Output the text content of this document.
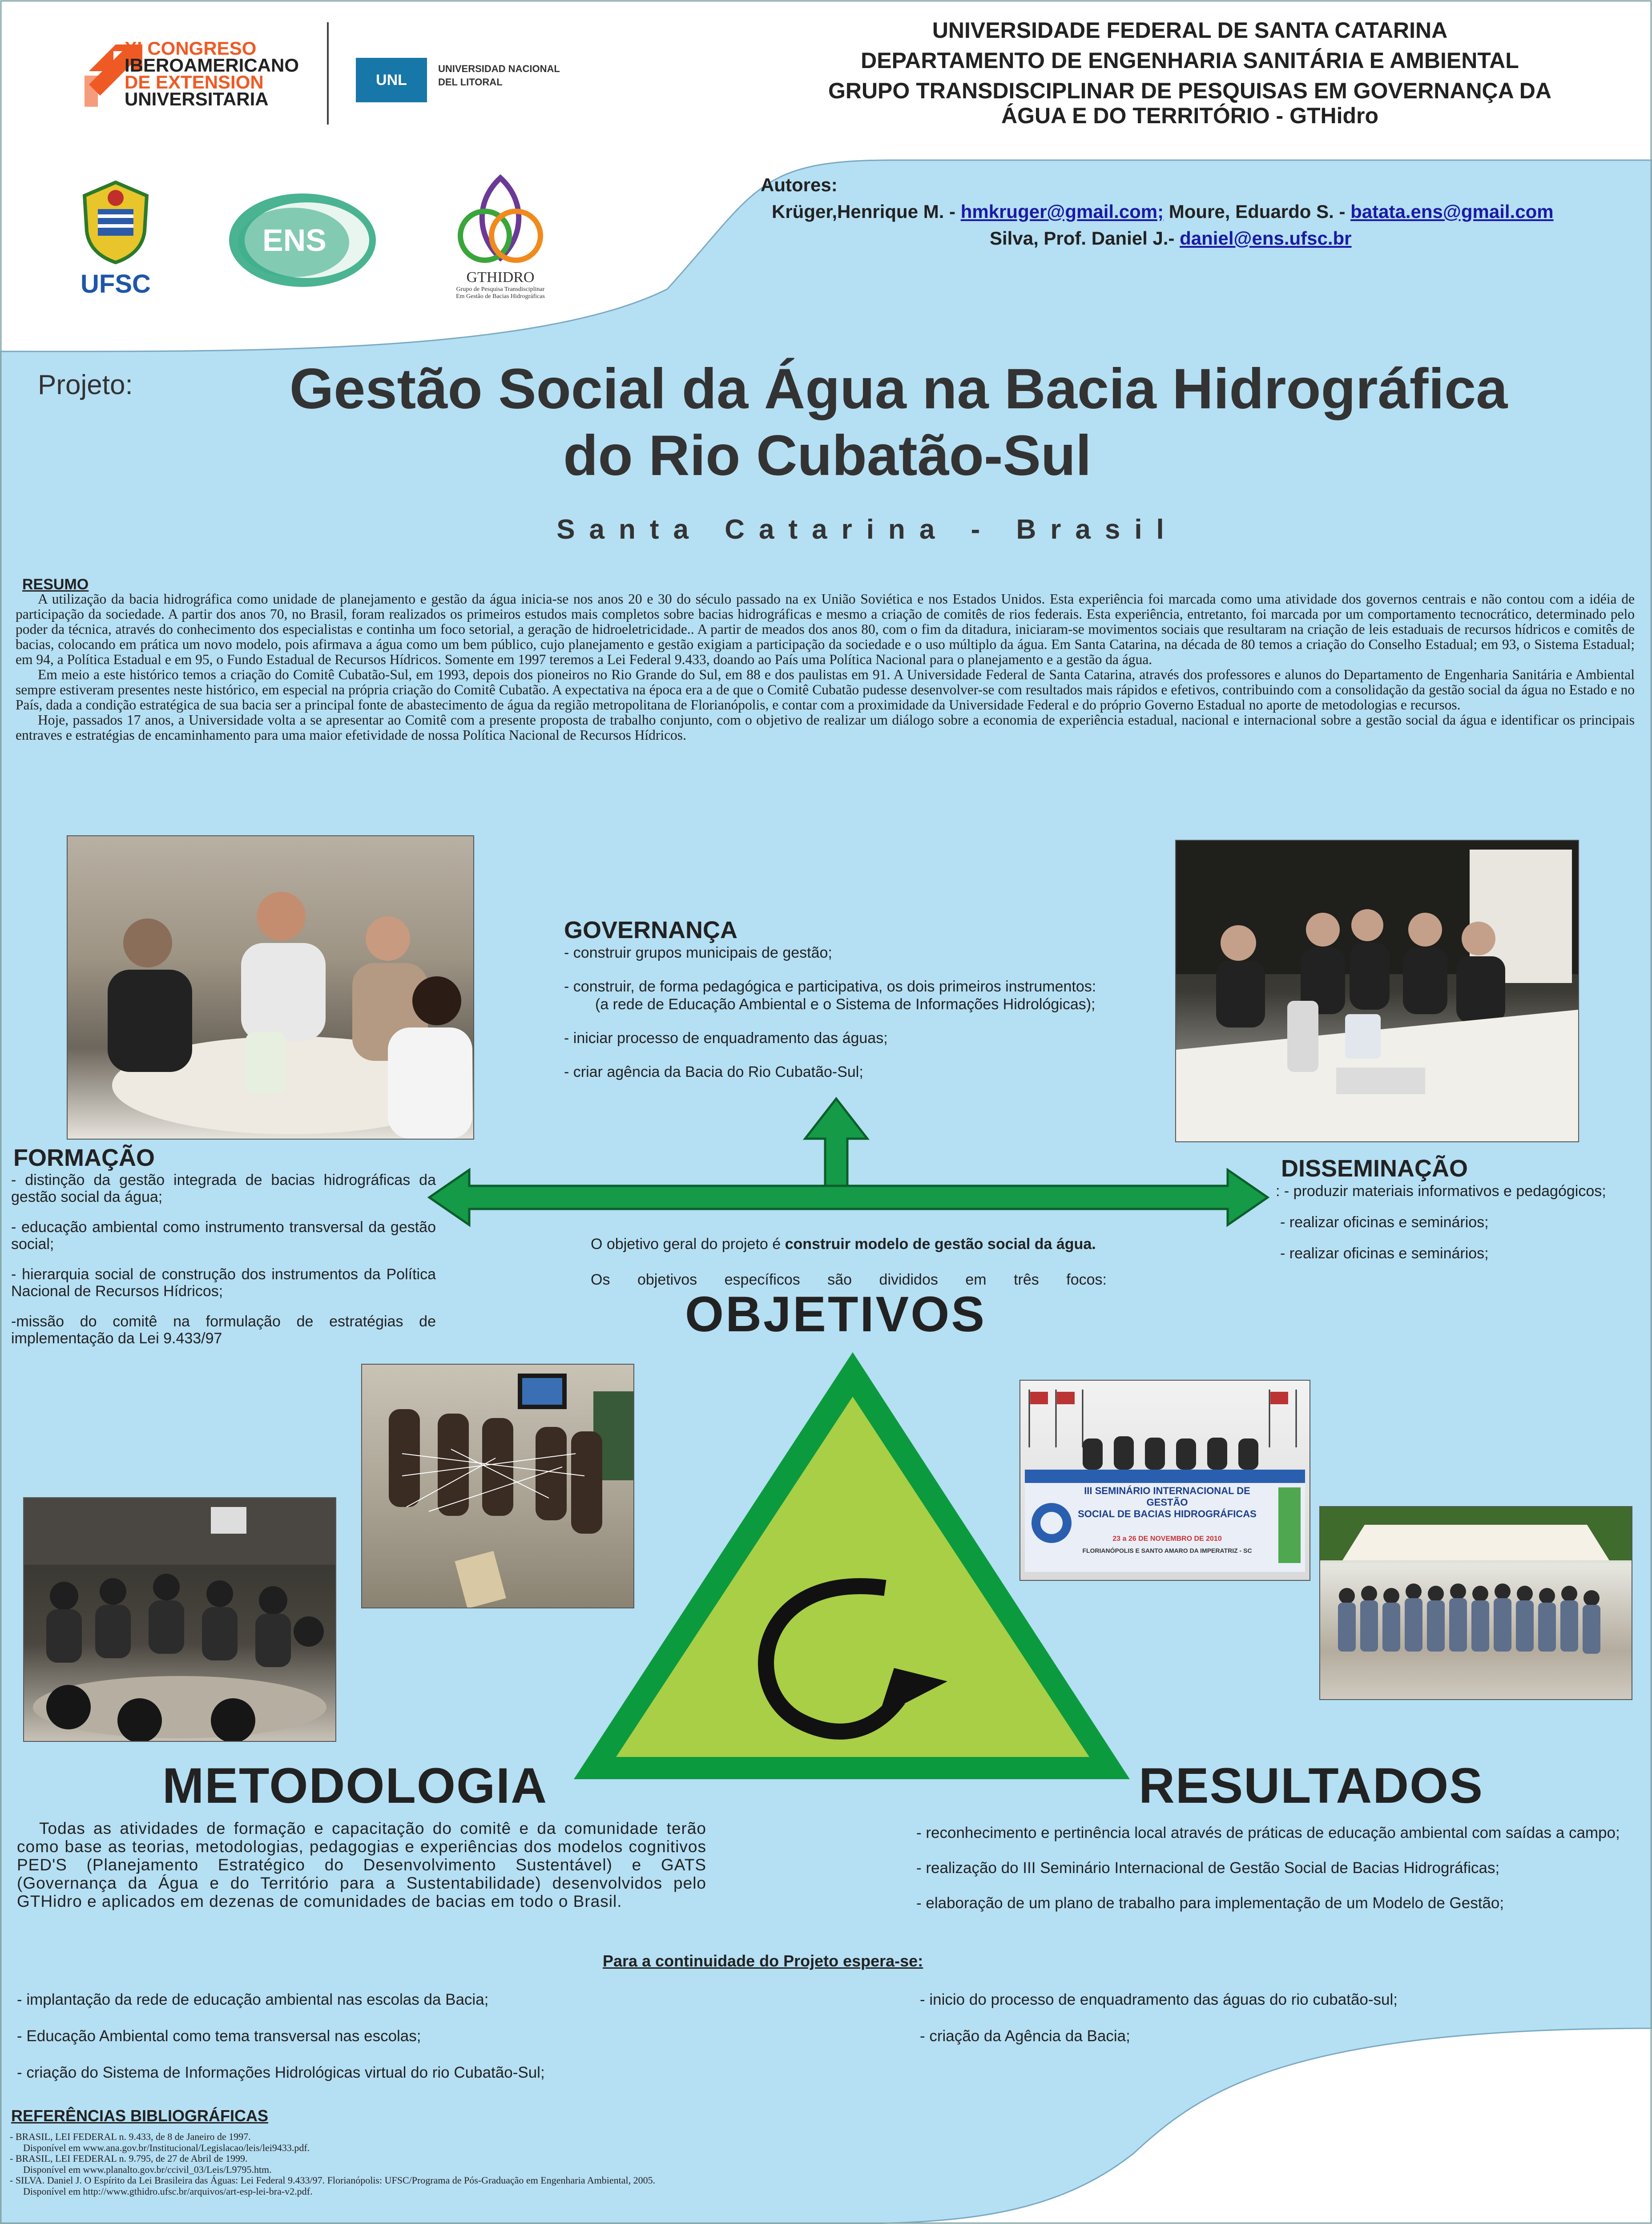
XI CONGRESO
IBEROAMERICANO
DE EXTENSION
UNIVERSITARIA
UNL
UNIVERSIDAD NACIONAL
DEL LITORAL
UNIVERSIDADE FEDERAL DE SANTA CATARINA
DEPARTAMENTO DE ENGENHARIA SANITÁRIA E AMBIENTAL
GRUPO TRANSDISCIPLINAR DE PESQUISAS EM GOVERNANÇA DA
ÁGUA E DO TERRITÓRIO - GTHidro
UFSC
ENS
GTHIDRO
Grupo de Pesquisa Transdisciplinar
Em Gestão de Bacias Hidrográficas
Autores:
Krüger,Henrique M. - hmkruger@gmail.com; Moure, Eduardo S. - batata.ens@gmail.com
Silva, Prof. Daniel J.- daniel@ens.ufsc.br
Projeto:	Gestão Social da Água na Bacia Hidrográfica
do Rio Cubatão-Sul
Santa Catarina - Brasil
RESUMO
A utilização da bacia hidrográfica como unidade de planejamento e gestão da água inicia-se nos anos 20 e 30 do século passado na ex União Soviética e nos Estados Unidos. Esta experiência foi marcada como uma atividade dos governos centrais e não contou com a idéia de participação da sociedade. A partir dos anos 70, no Brasil, foram realizados os primeiros estudos mais completos sobre bacias hidrográficas e mesmo a criação de comitês de rios federais. Esta experiência, entretanto, foi marcada por um comportamento tecnocrático, determinado pelo poder da técnica, através do conhecimento dos especialistas e continha um foco setorial, a geração de hidroeletricidade.. A partir de meados dos anos 80, com o fim da ditadura, iniciaram-se movimentos sociais que resultaram na criação de leis estaduais de recursos hídricos e comitês de bacias, colocando em prática um novo modelo, pois afirmava a água como um bem público, cujo planejamento e gestão exigiam a participação da sociedade e o uso múltiplo da água. Em Santa Catarina, na década de 80 temos a criação do Conselho Estadual; em 93, o Sistema Estadual; em 94, a Política Estadual e em 95, o Fundo Estadual de Recursos Hídricos. Somente em 1997 teremos a Lei Federal 9.433, doando ao País uma Política Nacional para o planejamento e a gestão da água.
Em meio a este histórico temos a criação do Comitê Cubatão-Sul, em 1993, depois dos pioneiros no Rio Grande do Sul, em 88 e dos paulistas em 91. A Universidade Federal de Santa Catarina, através dos professores e alunos do Departamento de Engenharia Sanitária e Ambiental sempre estiveram presentes neste histórico, em especial na própria criação do Comitê Cubatão. A expectativa na época era a de que o Comitê Cubatão pudesse desenvolver-se com resultados mais rápidos e efetivos, contribuindo com a consolidação da gestão social da água no Estado e no País, dada a condição estratégica de sua bacia ser a principal fonte de abastecimento de água da região metropolitana de Florianópolis, e contar com a proximidade da Universidade Federal e do próprio Governo Estadual no aporte de metodologias e recursos.
Hoje, passados 17 anos, a Universidade volta a se apresentar ao Comitê com a presente proposta de trabalho conjunto, com o objetivo de realizar um diálogo sobre a economia de experiência estadual, nacional e internacional sobre a gestão social da água e identificar os principais entraves e estratégias de encaminhamento para uma maior efetividade de nossa Política Nacional de Recursos Hídricos.
III SEMINÁRIO INTERNACIONAL DE GESTÃO
SOCIAL DE BACIAS HIDROGRÁFICAS
23 a 26 DE NOVEMBRO DE 2010
FLORIANÓPOLIS E SANTO AMARO DA IMPERATRIZ - SC
GOVERNANÇA
- construir grupos municipais de gestão;
- construir, de forma pedagógica e participativa, os dois primeiros instrumentos:
(a rede de Educação Ambiental e o Sistema de Informações Hidrológicas);
- iniciar processo de enquadramento das águas;
- criar agência da Bacia do Rio Cubatão-Sul;
FORMAÇÃO
- distinção da gestão integrada de bacias hidrográficas da gestão social da água;
- educação ambiental como instrumento transversal da gestão social;
- hierarquia social de construção dos instrumentos da Política Nacional de Recursos Hídricos;
-missão do comitê na formulação de estratégias de implementação da Lei 9.433/97
DISSEMINAÇÃO
: - produzir materiais informativos e pedagógicos;
- realizar oficinas e seminários;
- realizar oficinas e seminários;
O objetivo geral do projeto é construir modelo de gestão social da água.
Os objetivos específicos são divididos em três focos:
OBJETIVOS
METODOLOGIA
Todas as atividades de formação e capacitação do comitê e da comunidade terão como base as teorias, metodologias, pedagogias e experiências dos modelos cognitivos PED'S (Planejamento Estratégico do Desenvolvimento Sustentável) e GATS (Governança da Água e do Território para a Sustentabilidade) desenvolvidos pelo GTHidro e aplicados em dezenas de comunidades de bacias em todo o Brasil.
RESULTADOS
- reconhecimento e pertinência local através de práticas de educação ambiental com saídas a campo;
- realização do III Seminário Internacional de Gestão Social de Bacias Hidrográficas;
- elaboração de um plano de trabalho para implementação de um Modelo de Gestão;
Para a continuidade do Projeto espera-se:
- implantação da rede de educação ambiental nas escolas da Bacia;
- Educação Ambiental como tema transversal nas escolas;
- criação do Sistema de Informações Hidrológicas virtual do rio Cubatão-Sul;
- inicio do processo de enquadramento das águas do rio cubatão-sul;
- criação da Agência da Bacia;
REFERÊNCIAS BIBLIOGRÁFICAS
- BRASIL, LEI FEDERAL n. 9.433, de 8 de Janeiro de 1997.
Disponível em www.ana.gov.br/Institucional/Legislacao/leis/lei9433.pdf.
- BRASIL, LEI FEDERAL n. 9.795, de 27 de Abril de 1999.
Disponível em www.planalto.gov.br/ccivil_03/Leis/L9795.htm.
- SILVA. Daniel J. O Espírito da Lei Brasileira das Águas: Lei Federal 9.433/97. Florianópolis: UFSC/Programa de Pós-Graduação em Engenharia Ambiental, 2005.
Disponível em http://www.gthidro.ufsc.br/arquivos/art-esp-lei-bra-v2.pdf.
